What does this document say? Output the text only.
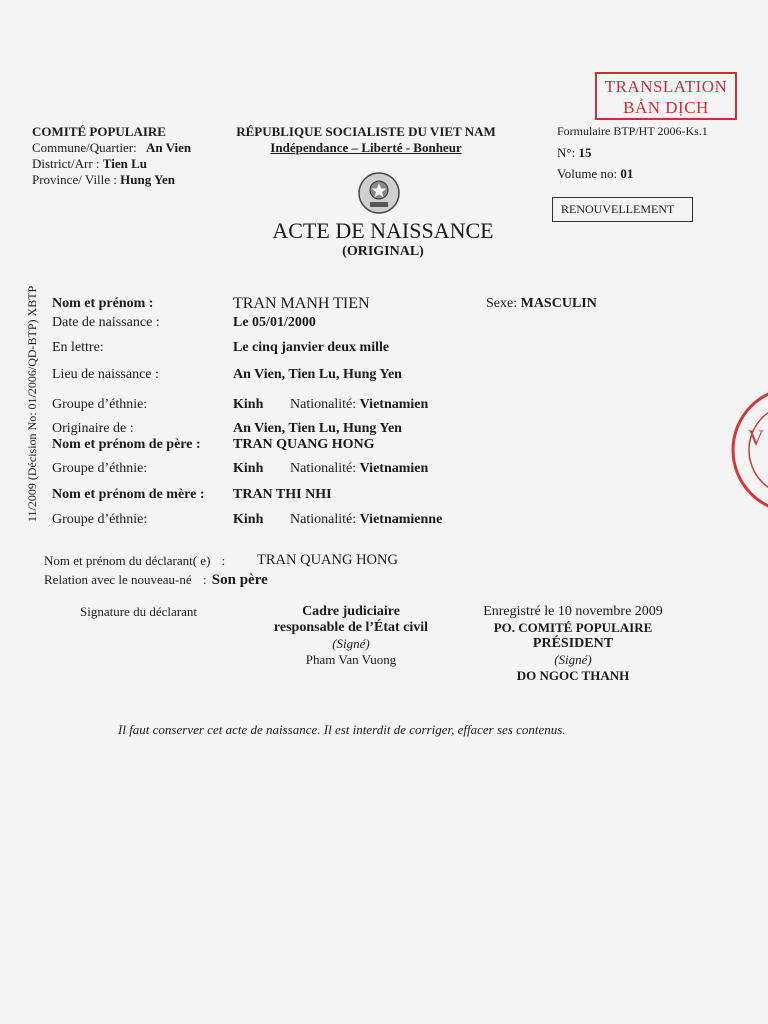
TRANSLATION
BẢN DỊCH
V
COMITÉ POPULAIRE
Commune/Quartier: An Vien
District/Arr : Tien Lu
Province/ Ville : Hung Yen
RÉPUBLIQUE SOCIALISTE DU VIET NAM
Indépendance – Liberté - Bonheur
Formulaire BTP/HT 2006-Ks.1
N°: 15
Volume no: 01
RENOUVELLEMENT
ACTE DE NAISSANCE
(ORIGINAL)
11/2009 (Décision No: 01/2006/QD-BTP) XBTP Nom et prénom :	TRAN MANH TIEN	Sexe: MASCULIN
Date de naissance :	Le 05/01/2000
En lettre:	Le cinq janvier deux mille
Lieu de naissance :	An Vien, Tien Lu, Hung Yen
Groupe d’éthnie:	Kinh Nationalité: Vietnamien
Originaire de :	An Vien, Tien Lu, Hung Yen
Nom et prénom de père : TRAN QUANG HONG
Groupe d’éthnie:	Kinh Nationalité: Vietnamien
Nom et prénom de mère : TRAN THI NHI
Groupe d’éthnie:	Kinh Nationalité: Vietnamienne
Nom et prénom du déclarant( e) : TRAN QUANG HONG
Relation avec le nouveau-né : Son père
Signature du déclarant	Cadre judiciaire
responsable de l’État civil
(Signé)
Pham Van Vuong
Enregistré le 10 novembre 2009
PO. COMITÉ POPULAIRE
PRÉSIDENT
(Signé)
DO NGOC THANH
Il faut conserver cet acte de naissance. Il est interdit de corriger, effacer ses contenus.
